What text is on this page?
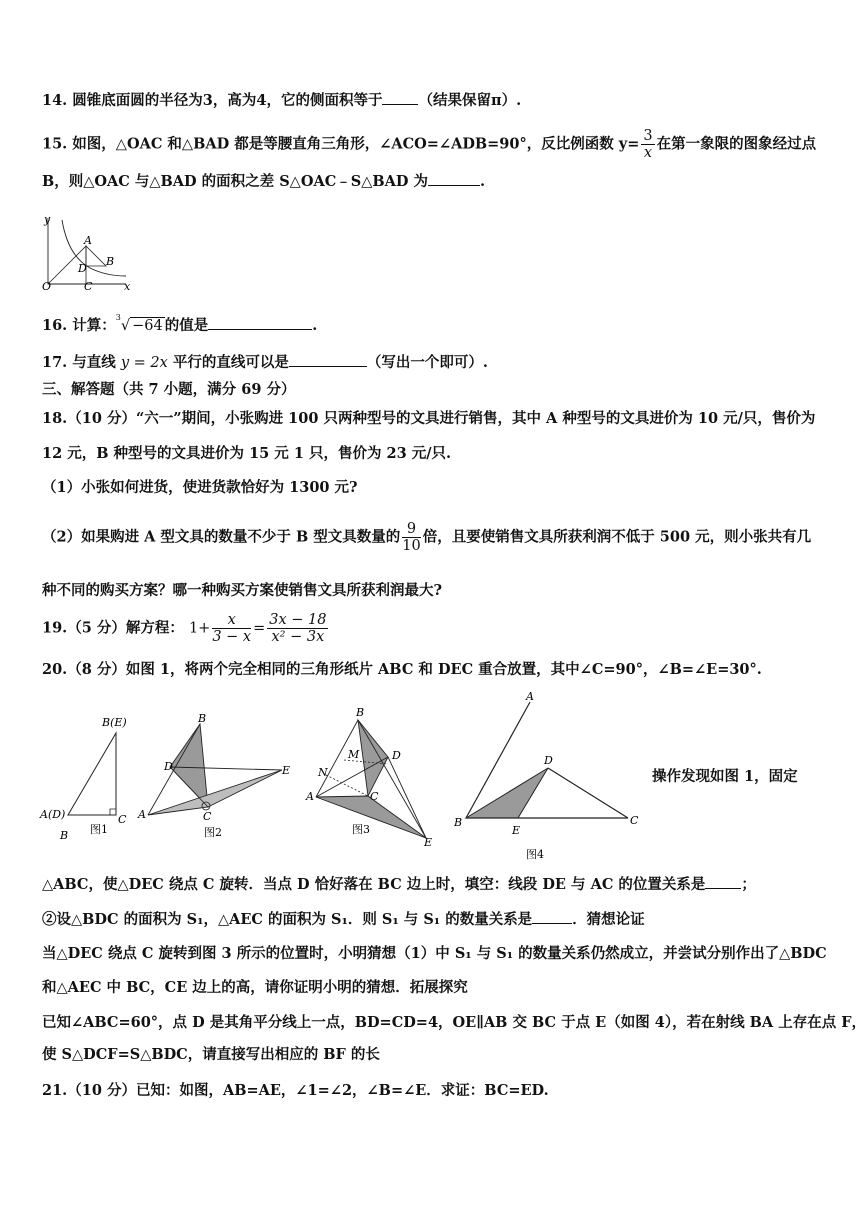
14. 圆锥底面圆的半径为3，高为4，它的侧面积等于 （结果保留π）.
15. 如图，△OAC 和△BAD 都是等腰直角三角形，∠ACO=∠ADB=90°，反比例函数 $y= \frac{3}{x}$ 在第一象限的图象经过点
B，则△OAC 与△BAD 的面积之差 S△OAC﹣S△BAD 为	.
y
O	C
A
D
B
x
16. 计算：$^3$√ −64 的值是	.
17. 与直线 y = 2x 平行的直线可以是	（写出一个即可）.
三、解答题（共 7 小题，满分 69 分）
18.（10 分）“六一”期间，小张购进 100 只两种型号的文具进行销售，其中 A 种型号的文具进价为 10 元/只，售价为
12 元，B 种型号的文具进价为 15 元 1 只，售价为 23 元/只.
（1）小张如何进货，使进货款恰好为 1300 元?
（2）如果购进 A 型文具的数量不少于 B 型文具数量的 $\frac{9}{10}$ 倍，且要使销售文具所获利润不低于 500 元，则小张共有几
种不同的购买方案？哪一种购买方案使销售文具所获利润最大?
19.（5 分）解方程： $1+ \frac{x}{3 - x} = \frac{3x - 18}{\text{x² − 3x}}$
20.（8 分）如图 1，将两个完全相同的三角形纸片 ABC 和 DEC 重合放置，其中∠C=90°，∠B=∠E=30°.
B(E)
A(D)	C
B 图1
B
D	E
A	C
图2
B
M	D
N
A	C
E
图3
A
D
B
E
C
图4
操作发现如图 1，固定
△ABC，使△DEC 绕点 C 旋转．当点 D 恰好落在 BC 边上时，填空：线段 DE 与 AC 的位置关系是 ；
②设△BDC 的面积为 S₁，△AEC 的面积为 S₁．则 S₁ 与 S₁ 的数量关系是	．猜想论证
当△DEC 绕点 C 旋转到图 3 所示的位置时，小明猜想（1）中 S₁ 与 S₁ 的数量关系仍然成立，并尝试分别作出了△BDC
和△AEC 中 BC，CE 边上的高，请你证明小明的猜想．拓展探究
已知∠ABC=60°，点 D 是其角平分线上一点，BD=CD=4，OE∥AB 交 BC 于点 E（如图 4），若在射线 BA 上存在点 F，
使 S△DCF=S△BDC，请直接写出相应的 BF 的长
21.（10 分）已知：如图，AB=AE，∠1=∠2，∠B=∠E．求证：BC=ED.
